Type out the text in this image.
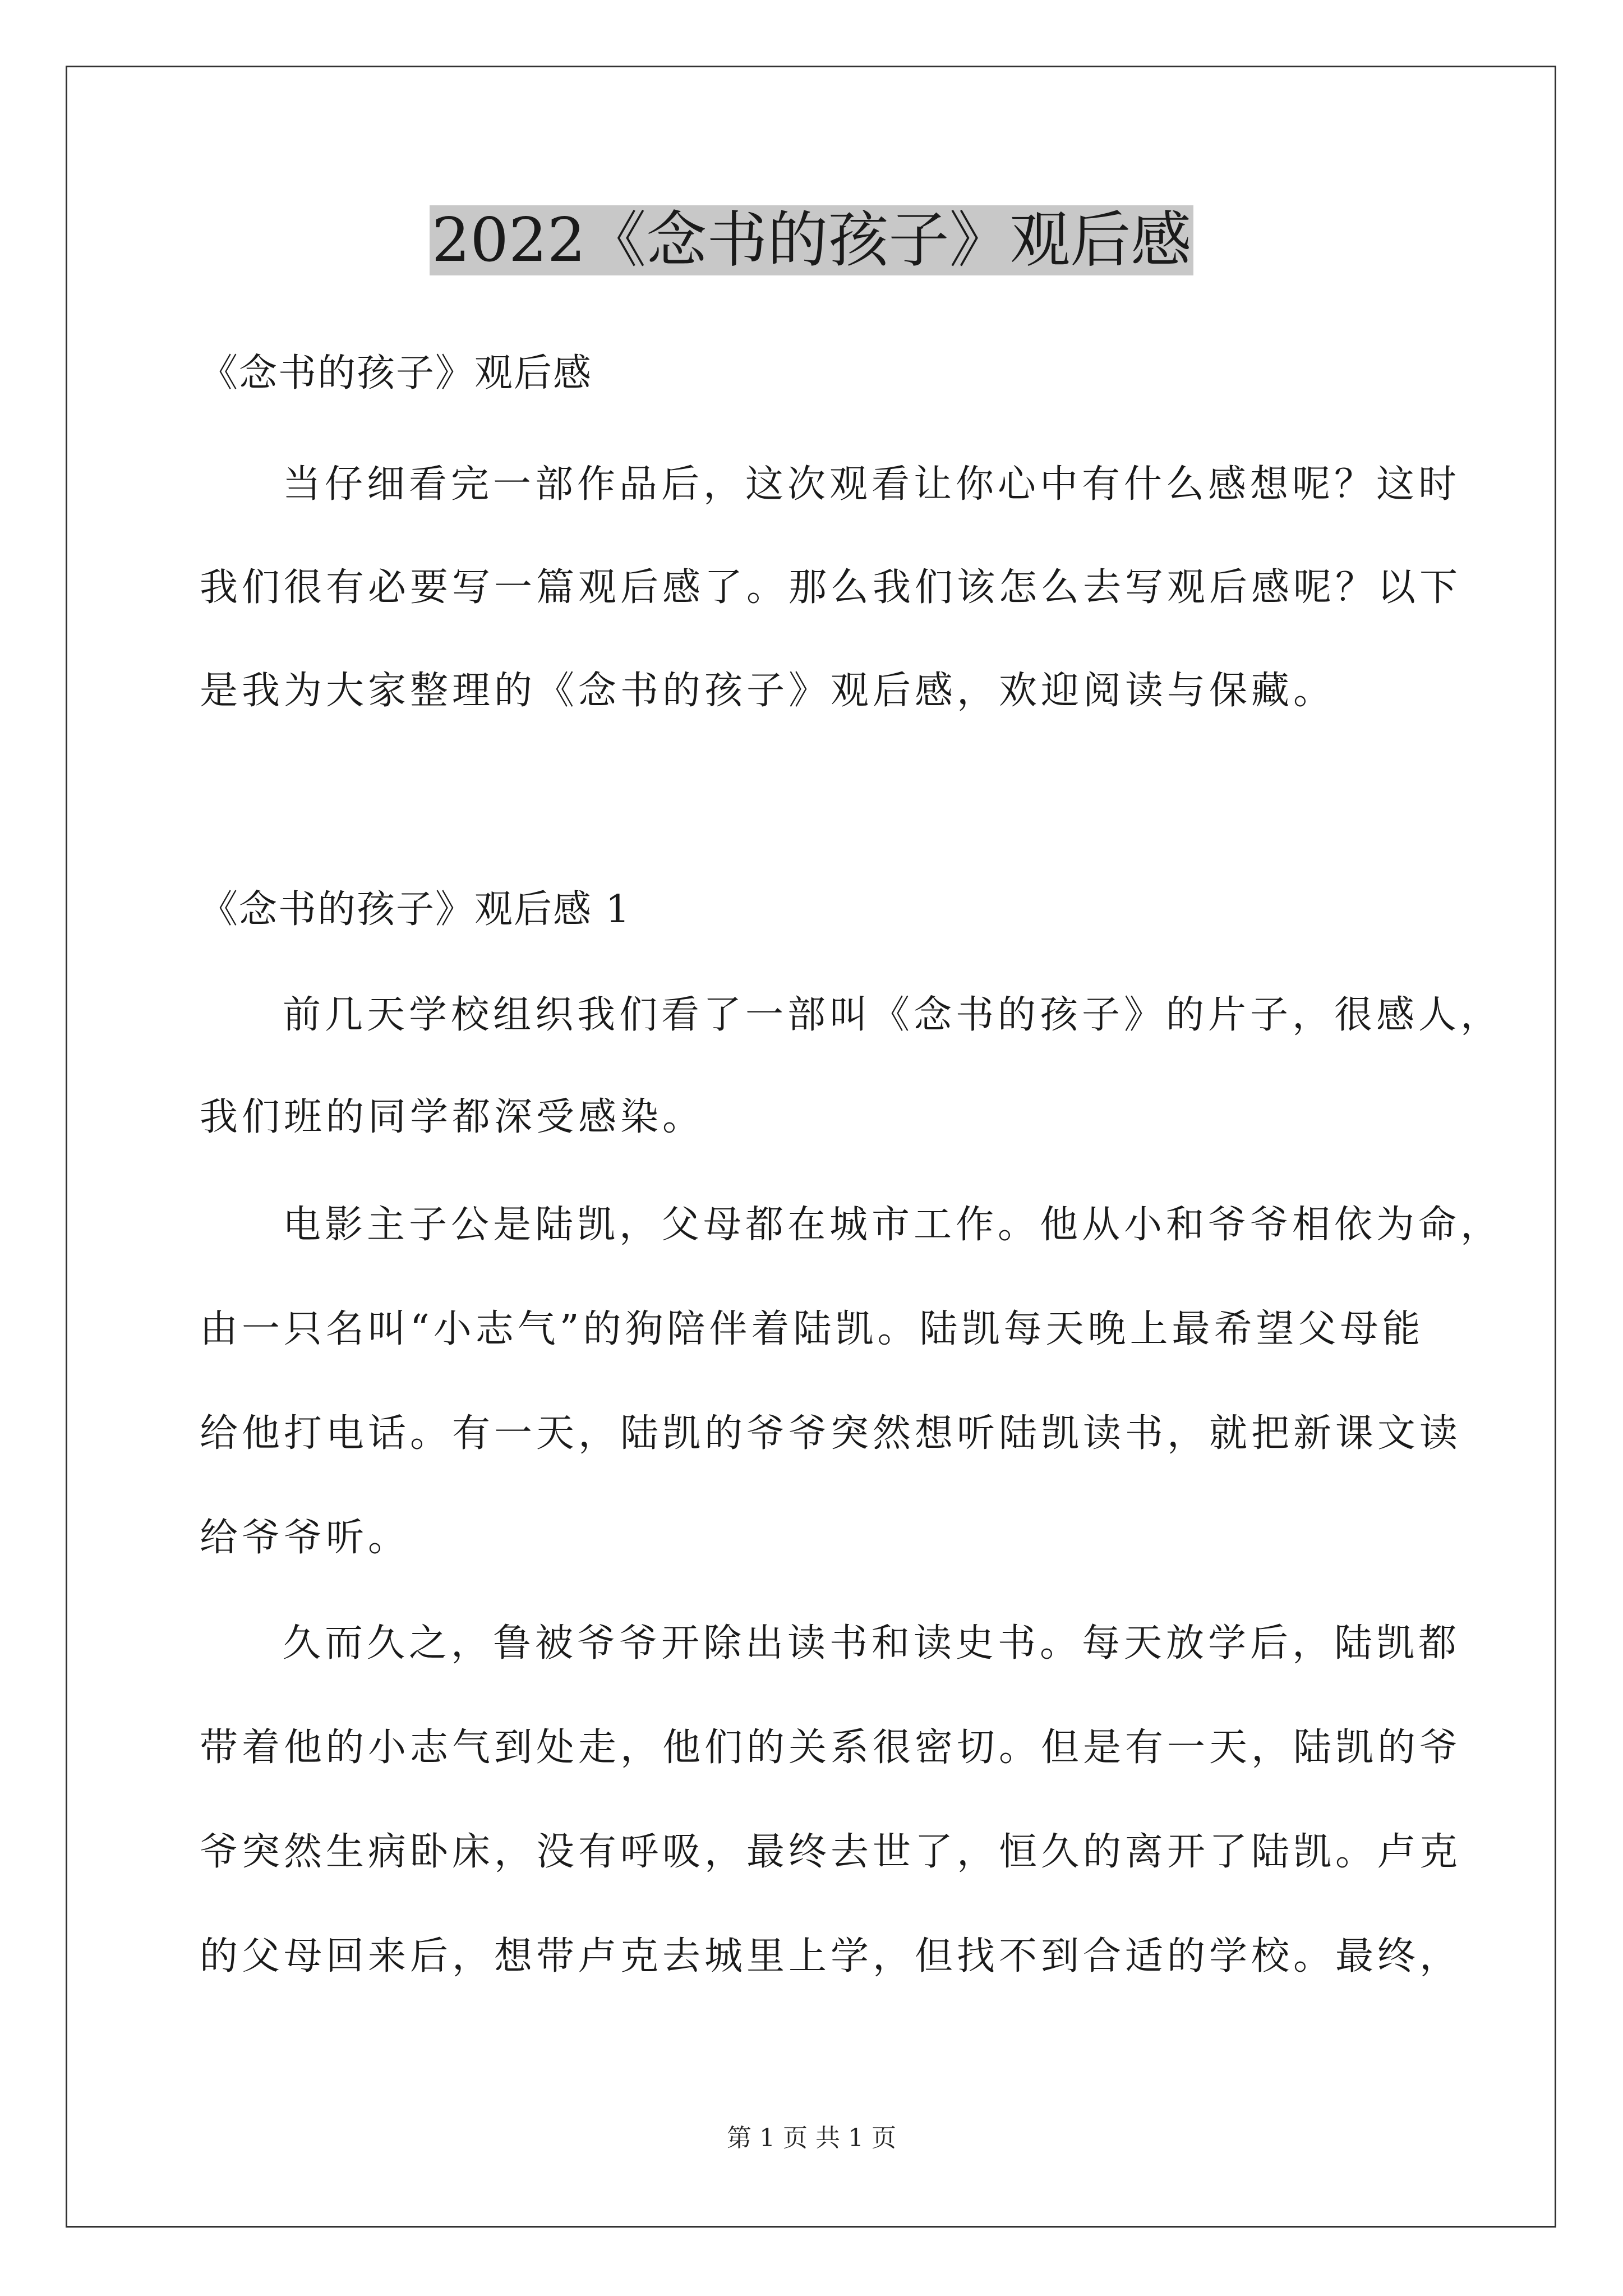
2022《念书的孩子》观后感
《念书的孩子》观后感
当仔细看完一部作品后，这次观看让你心中有什么感想呢？这时
我们很有必要写一篇观后感了。那么我们该怎么去写观后感呢？以下
是我为大家整理的《念书的孩子》观后感，欢迎阅读与保藏。
《念书的孩子》观后感 1
前几天学校组织我们看了一部叫《念书的孩子》的片子，很感人，
我们班的同学都深受感染。
电影主子公是陆凯，父母都在城市工作。他从小和爷爷相依为命，
由一只名叫“小志气”的狗陪伴着陆凯。陆凯每天晚上最希望父母能
给他打电话。有一天，陆凯的爷爷突然想听陆凯读书，就把新课文读
给爷爷听。
久而久之，鲁被爷爷开除出读书和读史书。每天放学后，陆凯都
带着他的小志气到处走，他们的关系很密切。但是有一天，陆凯的爷
爷突然生病卧床，没有呼吸，最终去世了，恒久的离开了陆凯。卢克
的父母回来后，想带卢克去城里上学，但找不到合适的学校。最终，
第 1 页 共 1 页
